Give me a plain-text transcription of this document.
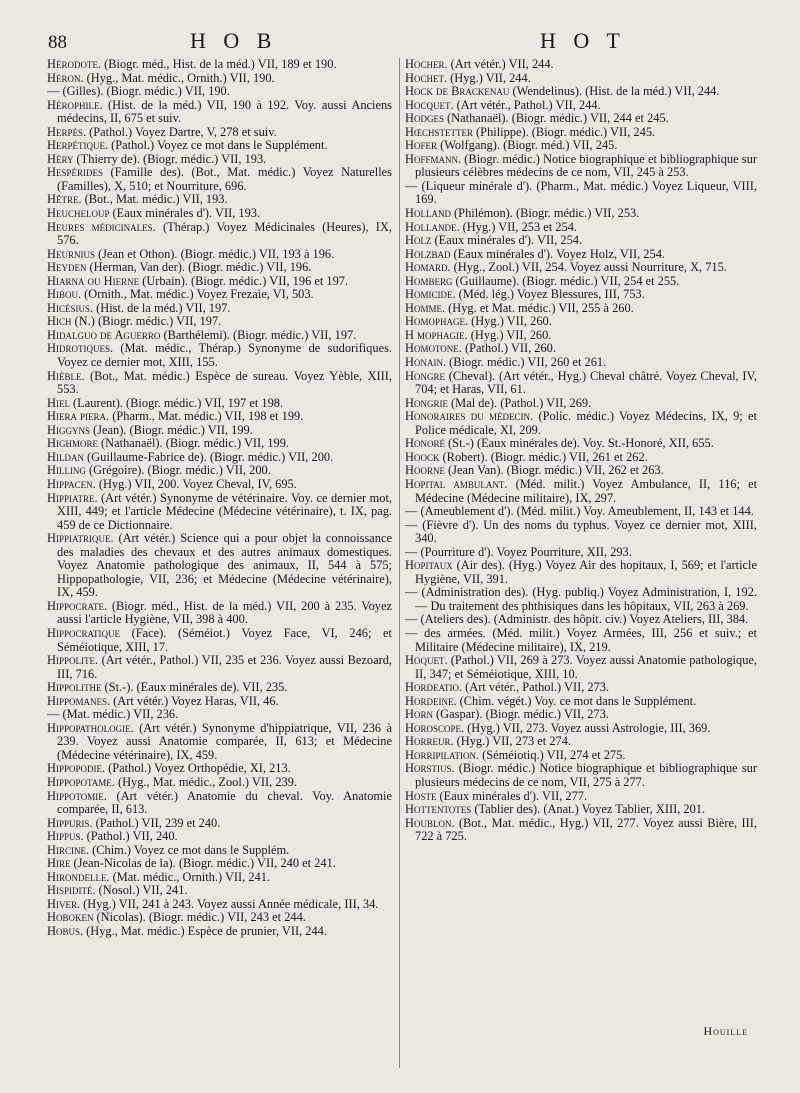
88	H O B	H O T

Hérodote. (Biogr. méd., Hist. de la méd.) VII, 189 et 190.

Héron. (Hyg., Mat. médic., Ornith.) VII, 190.

— (Gilles). (Biogr. médic.) VII, 190.

Hérophile. (Hist. de la méd.) VII, 190 à 192. Voy. aussi Anciens médecins, II, 675 et suiv.

Herpès. (Pathol.) Voyez Dartre, V, 278 et suiv.

Herpétique. (Pathol.) Voyez ce mot dans le Supplément.

Héry (Thierry de). (Biogr. médic.) VII, 193.

Hespérides (Famille des). (Bot., Mat. médic.) Voyez Naturelles (Familles), X, 510; et Nourriture, 696.

Hêtre. (Bot., Mat. médic.) VII, 193.

Heucheloup (Eaux minérales d'). VII, 193.

Heures médicinales. (Thérap.) Voyez Médicinales (Heures), IX, 576.

Heurnius (Jean et Othon). (Biogr. médic.) VII, 193 à 196.

Heyden (Herman, Van der). (Biogr. médic.) VII, 196.

Hiarna ou Hierne (Urbain). (Biogr. médic.) VII, 196 et 197.

Hibou. (Ornith., Mat. médic.) Voyez Frezaie, VI, 503.

Hicésius. (Hist. de la méd.) VII, 197.

Hich (N.) (Biogr. médic.) VII, 197.

Hidalguo de Aguerro (Barthélemi). (Biogr. médic.) VII, 197.

Hidrotiques. (Mat. médic., Thérap.) Synonyme de sudorifiques. Voyez ce dernier mot, XIII, 155.

Hièble. (Bot., Mat. médic.) Espèce de sureau. Voyez Yèble, XIII, 553.

Hiel (Laurent). (Biogr. médic.) VII, 197 et 198.

Hiera piera. (Pharm., Mat. médic.) VII, 198 et 199.

Higgyns (Jean). (Biogr. médic.) VII, 199.

Highmore (Nathanaël). (Biogr. médic.) VII, 199.

Hildan (Guillaume-Fabrice de). (Biogr. médic.) VII, 200.

Hilling (Grégoire). (Biogr. médic.) VII, 200.

Hippacen. (Hyg.) VII, 200. Voyez Cheval, IV, 695.

Hippiatre. (Art vétér.) Synonyme de vétérinaire. Voy. ce dernier mot, XIII, 449; et l'article Médecine (Médecine vétérinaire), t. IX, pag. 459 de ce Dictionnaire.

Hippiatrique. (Art vétér.) Science qui a pour objet la connoissance des maladies des chevaux et des autres animaux domestiques. Voyez Anatomie pathologique des animaux, II, 544 à 575; Hippopathologie, VII, 236; et Médecine (Médecine vétérinaire), IX, 459.

Hippocrate. (Biogr. méd., Hist. de la méd.) VII, 200 à 235. Voyez aussi l'article Hygiène, VII, 398 à 400.

Hippocratique (Face). (Séméiot.) Voyez Face, VI, 246; et Séméiotique, XIII, 17.

Hippolite. (Art vétér., Pathol.) VII, 235 et 236. Voyez aussi Bezoard, III, 716.

Hippolithe (St.-). (Eaux minérales de). VII, 235.

Hippomanes. (Art vétér.) Voyez Haras, VII, 46.

— (Mat. médic.) VII, 236.

Hippopathologie. (Art vétér.) Synonyme d'hippiatrique, VII, 236 à 239. Voyez aussi Anatomie comparée, II, 613; et Médecine (Médecine vétérinaire), IX, 459.

Hippopodie. (Pathol.) Voyez Orthopédie, XI, 213.

Hippopotame. (Hyg., Mat. médic., Zool.) VII, 239.

Hippotomie. (Art vétér.) Anatomie du cheval. Voy. Anatomie comparée, II, 613.

Hippuris. (Pathol.) VII, 239 et 240.

Hippus. (Pathol.) VII, 240.

Hircine. (Chim.) Voyez ce mot dans le Supplém.

Hire (Jean-Nicolas de la). (Biogr. médic.) VII, 240 et 241.

Hirondelle. (Mat. médic., Ornith.) VII, 241.

Hispidité. (Nosol.) VII, 241.

Hiver. (Hyg.) VII, 241 à 243. Voyez aussi Année médicale, III, 34.

Hoboken (Nicolas). (Biogr. médic.) VII, 243 et 244.

Hobus. (Hyg., Mat. médic.) Espèce de prunier, VII, 244.

Hocher. (Art vétér.) VII, 244.

Hochet. (Hyg.) VII, 244.

Hock de Brackenau (Wendelinus). (Hist. de la méd.) VII, 244.

Hocquet. (Art vétér., Pathol.) VII, 244.

Hodges (Nathanaël). (Biogr. médic.) VII, 244 et 245.

Hœchstetter (Philippe). (Biogr. médic.) VII, 245.

Hofer (Wolfgang). (Biogr. méd.) VII, 245.

Hoffmann. (Biogr. médic.) Notice biographique et bibliographique sur plusieurs célèbres médecins de ce nom, VII, 245 à 253.

— (Liqueur minérale d'). (Pharm., Mat. médic.) Voyez Liqueur, VIII, 169.

Holland (Philémon). (Biogr. médic.) VII, 253.

Hollande. (Hyg.) VII, 253 et 254.

Holz (Eaux minérales d'). VII, 254.

Holzbad (Eaux minérales d'). Voyez Holz, VII, 254.

Homard. (Hyg., Zool.) VII, 254. Voyez aussi Nourriture, X, 715.

Homberg (Guillaume). (Biogr. médic.) VII, 254 et 255.

Homicide. (Méd. lég.) Voyez Blessures, III, 753.

Homme. (Hyg. et Mat. médic.) VII, 255 à 260.

Homophage. (Hyg.) VII, 260.

H mophagie. (Hyg.) VII, 260.

Homotone. (Pathol.) VII, 260.

Honain. (Biogr. médic.) VII, 260 et 261.

Hongre (Cheval). (Art vétér., Hyg.) Cheval châtré. Voyez Cheval, IV, 704; et Haras, VII, 61.

Hongrie (Mal de). (Pathol.) VII, 269.

Honoraires du médecin. (Polic. médic.) Voyez Médecins, IX, 9; et Police médicale, XI, 209.

Honoré (St.-) (Eaux minérales de). Voy. St.-Honoré, XII, 655.

Hoock (Robert). (Biogr. médic.) VII, 261 et 262.

Hoorne (Jean Van). (Biogr. médic.) VII, 262 et 263.

Hopital ambulant. (Méd. milit.) Voyez Ambulance, II, 116; et Médecine (Médecine militaire), IX, 297.

— (Ameublement d'). (Méd. milit.) Voy. Ameublement, II, 143 et 144.

— (Fièvre d'). Un des noms du typhus. Voyez ce dernier mot, XIII, 340.

— (Pourriture d'). Voyez Pourriture, XII, 293.

Hopitaux (Air des). (Hyg.) Voyez Air des hopitaux, I, 569; et l'article Hygiène, VII, 391.

— (Administration des). (Hyg. publiq.) Voyez Administration, I, 192. — Du traitement des phthisiques dans les hôpitaux, VII, 263 à 269.

— (Ateliers des). (Administr. des hôpit. civ.) Voyez Ateliers, III, 384.

— des armées. (Méd. milit.) Voyez Armées, III, 256 et suiv.; et Militaire (Médecine militaire), IX, 219.

Hoquet. (Pathol.) VII, 269 à 273. Voyez aussi Anatomie pathologique, II, 347; et Séméiotique, XIII, 10.

Hordeatio. (Art vétér., Pathol.) VII, 273.

Hordeine. (Chim. végét.) Voy. ce mot dans le Supplément.

Horn (Gaspar). (Biogr. médic.) VII, 273.

Horoscope. (Hyg.) VII, 273. Voyez aussi Astrologie, III, 369.

Horreur. (Hyg.) VII, 273 et 274.

Horripilation. (Séméiotiq.) VII, 274 et 275.

Horstius. (Biogr. médic.) Notice biographique et bibliographique sur plusieurs médecins de ce nom, VII, 275 à 277.

Hoste (Eaux minérales d'). VII, 277.

Hottentotes (Tablier des). (Anat.) Voyez Tablier, XIII, 201.

Houblon. (Bot., Mat. médic., Hyg.) VII, 277. Voyez aussi Bière, III, 722 à 725.

Houille
